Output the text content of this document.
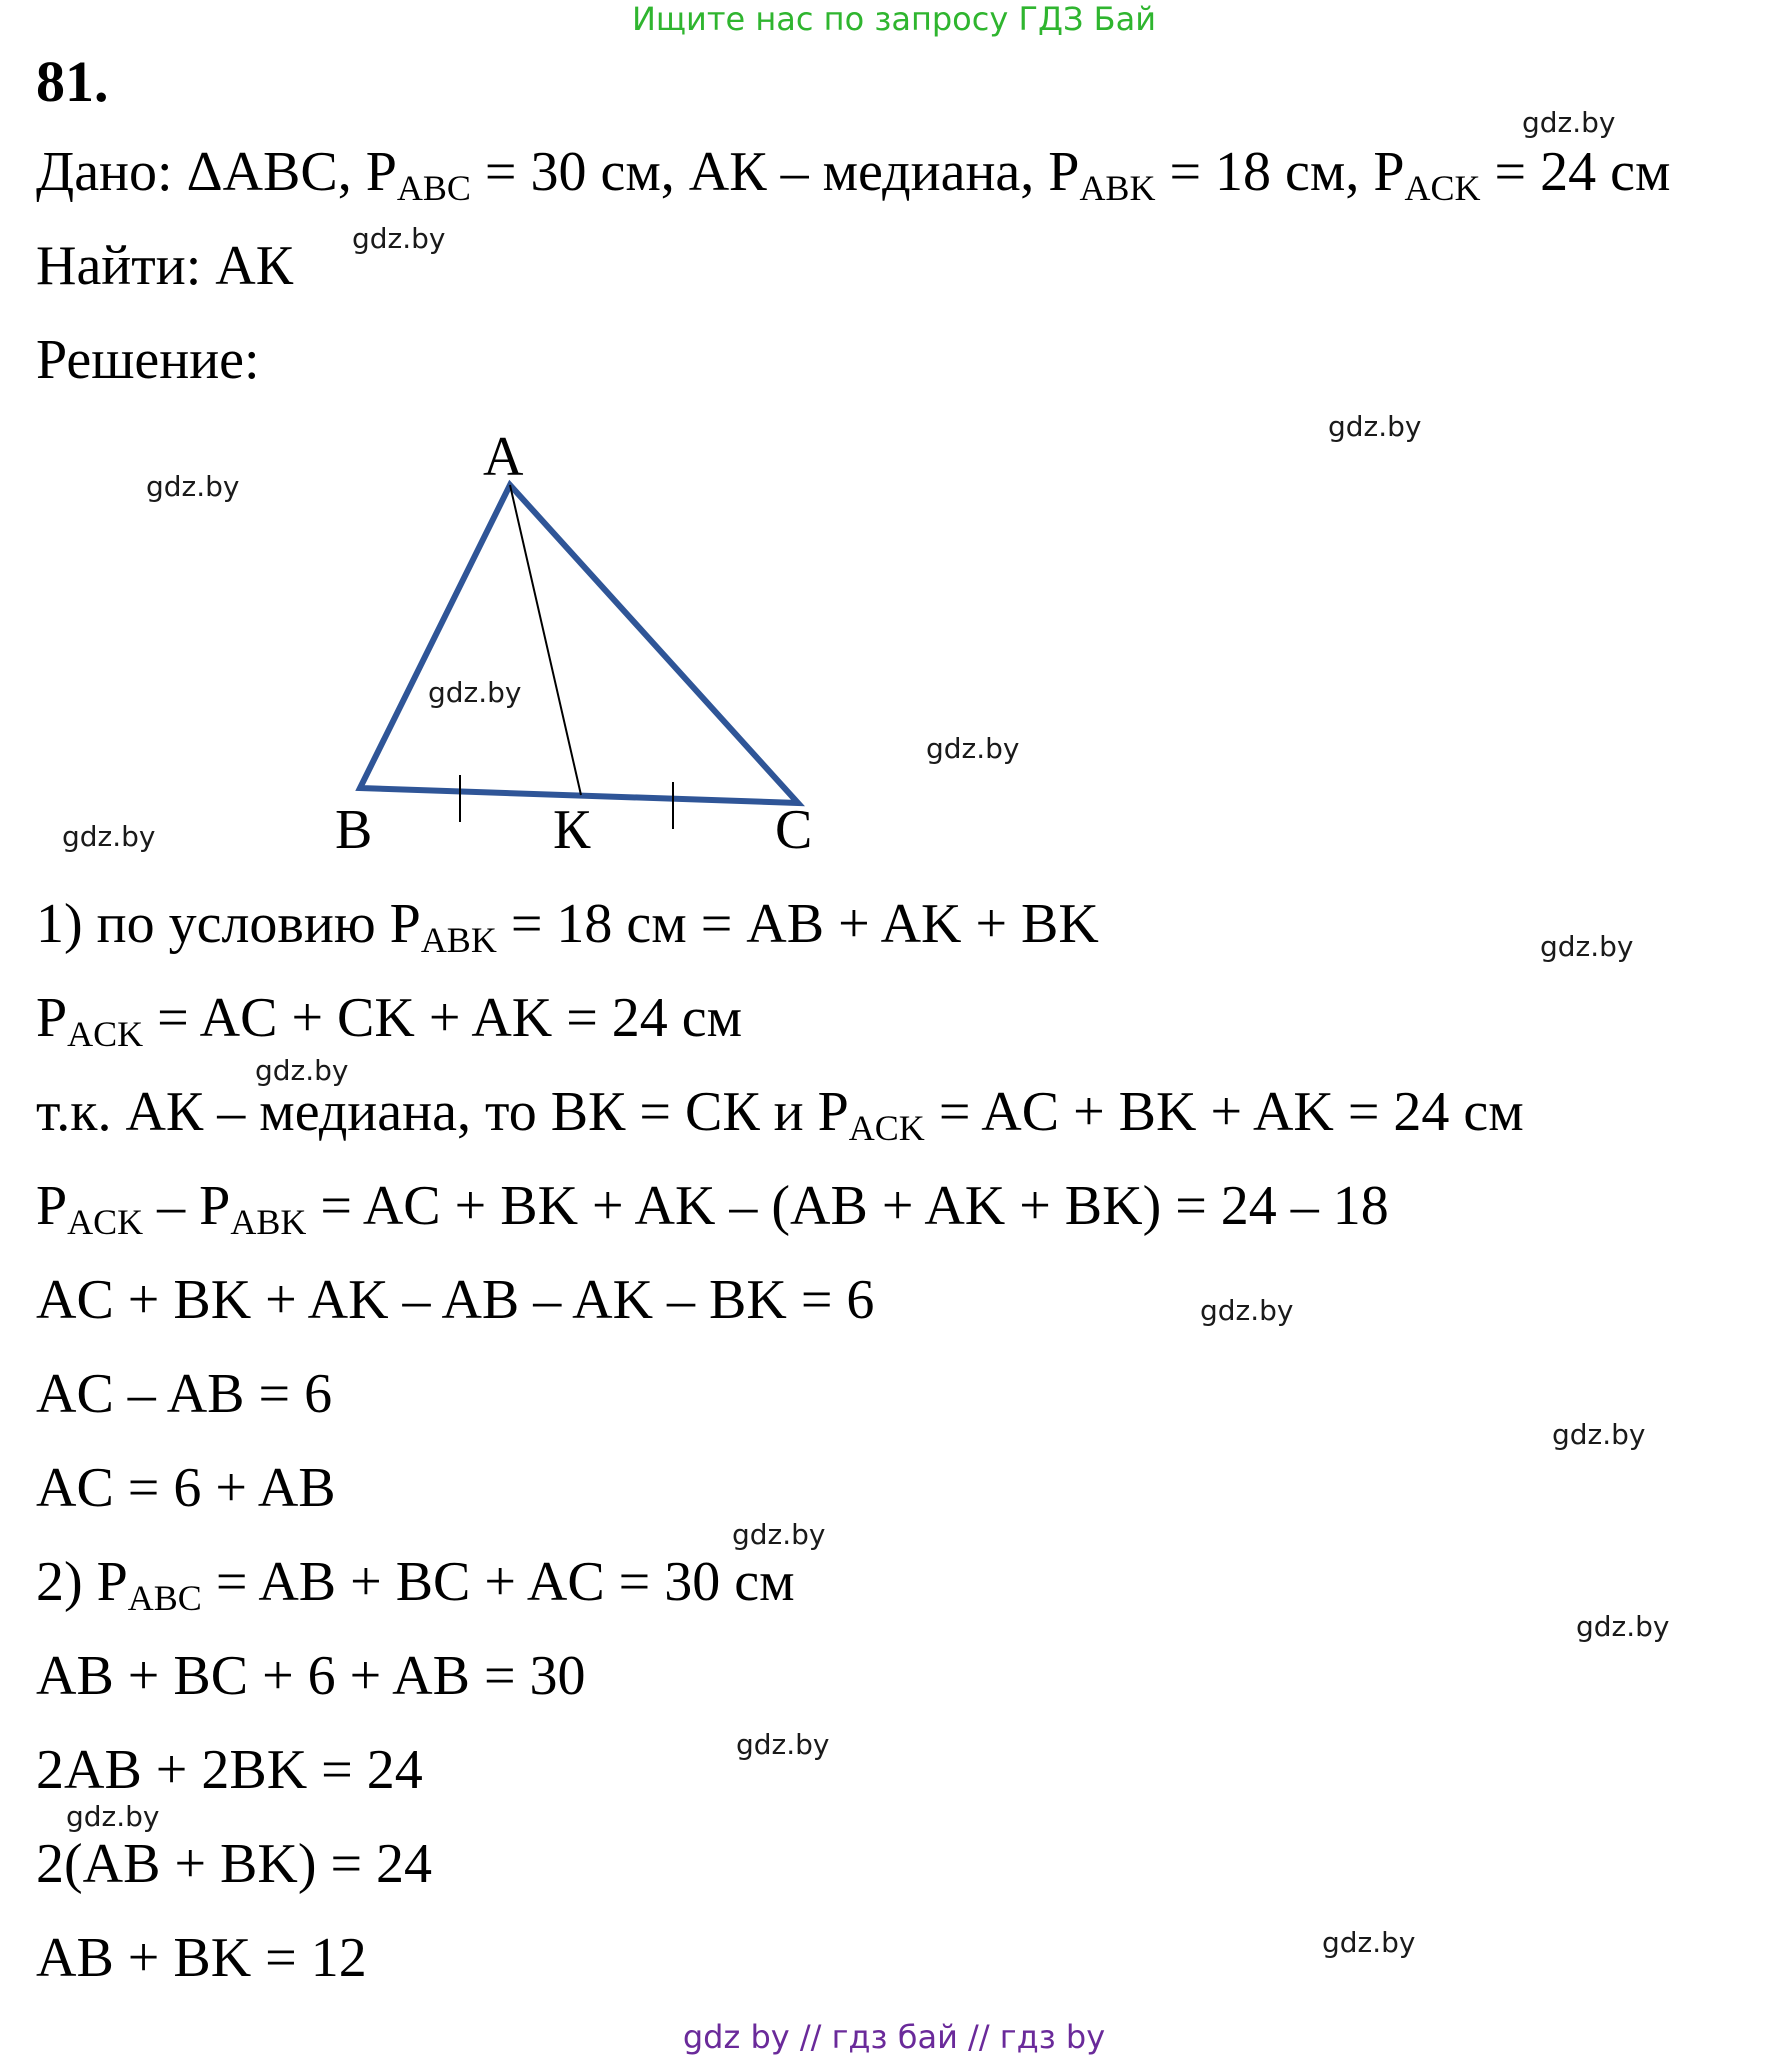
Ищите нас по запросу ГДЗ Бай
81.
Дано: ΔABC, $P_{ABC} = 30$ см, АК – медиана, $P_{ABK} = 18$ см, $P_{ACK} = 24$ см
Найти: АК
Решение:
A
B	К	C
1) по условию $P_{ABK} = 18$ см = AB + AK + BK
$P_{ACK}$ = AC + CK + AK = 24 см
т.к. АК – медиана, то ВК = СК и $P_{ACK}$ = AC + BK + AK = 24 см
$P_{ACK} - P_{ABK}$ = AC + BK + AK – (AB + AK + BK) = 24 – 18
AC + BK + AK – AB – AK – BK = 6
AC – AB = 6
AC = 6 + AB
2) $P_{ABC}$ = AB + BC + AC = 30 см
AB + BC + 6 + AB = 30
2AB + 2BK = 24
2(AB + BK) = 24
AB + BK = 12
gdz.by
gdz.by
gdz.by
gdz.by
gdz.by
gdz.by
gdz.by
gdz.by
gdz.by
gdz.by
gdz.by
gdz.by
gdz.by
gdz.by
gdz.by
gdz.by
gdz by // гдз бай // гдз by
